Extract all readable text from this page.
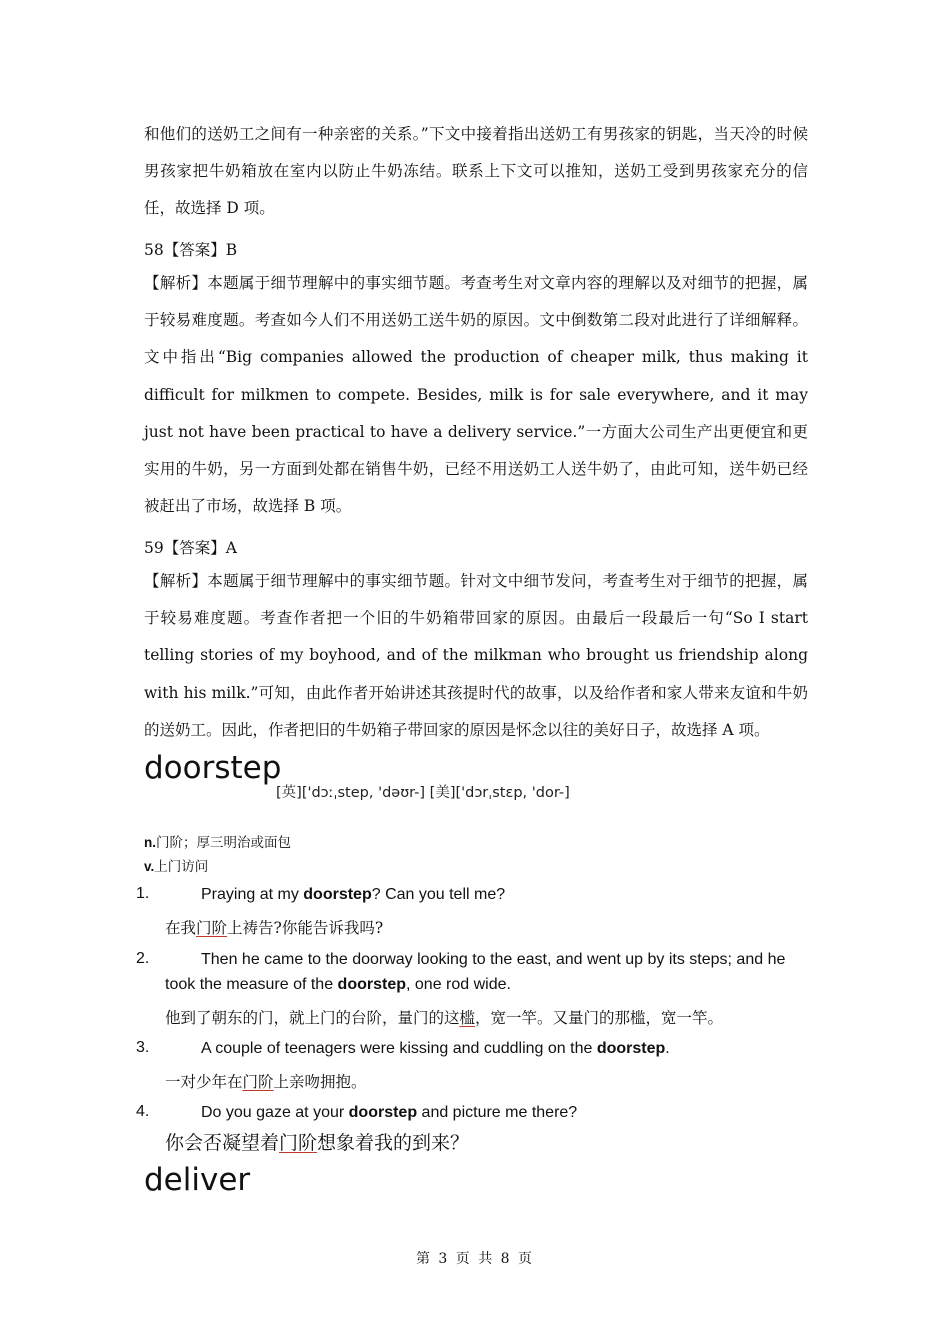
和他们的送奶工之间有一种亲密的关系。”下文中接着指出送奶工有男孩家的钥匙，当天冷的时候男孩家把牛奶箱放在室内以防止牛奶冻结。联系上下文可以推知，送奶工受到男孩家充分的信任，故选择 D 项。
58【答案】B
【解析】本题属于细节理解中的事实细节题。考查考生对文章内容的理解以及对细节的把握，属于较易难度题。考查如今人们不用送奶工送牛奶的原因。文中倒数第二段对此进行了详细解释。文中指出“Big companies allowed the production of cheaper milk, thus making it difficult for milkmen to compete. Besides, milk is for sale everywhere, and it may just not have been practical to have a delivery service.”一方面大公司生产出更便宜和更实用的牛奶，另一方面到处都在销售牛奶，已经不用送奶工人送牛奶了，由此可知，送牛奶已经被赶出了市场，故选择 B 项。
59【答案】A
【解析】本题属于细节理解中的事实细节题。针对文中细节发问，考查考生对于细节的把握，属于较易难度题。考查作者把一个旧的牛奶箱带回家的原因。由最后一段最后一句“So I start telling stories of my boyhood, and of the milkman who brought us friendship along with his milk.”可知，由此作者开始讲述其孩提时代的故事，以及给作者和家人带来友谊和牛奶的送奶工。因此，作者把旧的牛奶箱子带回家的原因是怀念以往的美好日子，故选择 A 项。
doorstep
[英]['dɔːˌstep, 'dəʊr-] [美]['dɔrˌstɛp, 'dor-]
n.门阶；厚三明治或面包
v.上门访问
1.	Praying at my doorstep? Can you tell me?
在我门阶上祷告?你能告诉我吗?
2.	Then he came to the doorway looking to the east, and went up by its steps; and he took the measure of the doorstep, one rod wide.
他到了朝东的门，就上门的台阶，量门的这槛，宽一竿。又量门的那槛，宽一竿。
3.	A couple of teenagers were kissing and cuddling on the doorstep.
一对少年在门阶上亲吻拥抱。
4.	Do you gaze at your doorstep and picture me there?
你会否凝望着门阶想象着我的到来？
deliver
第 3 页 共 8 页
